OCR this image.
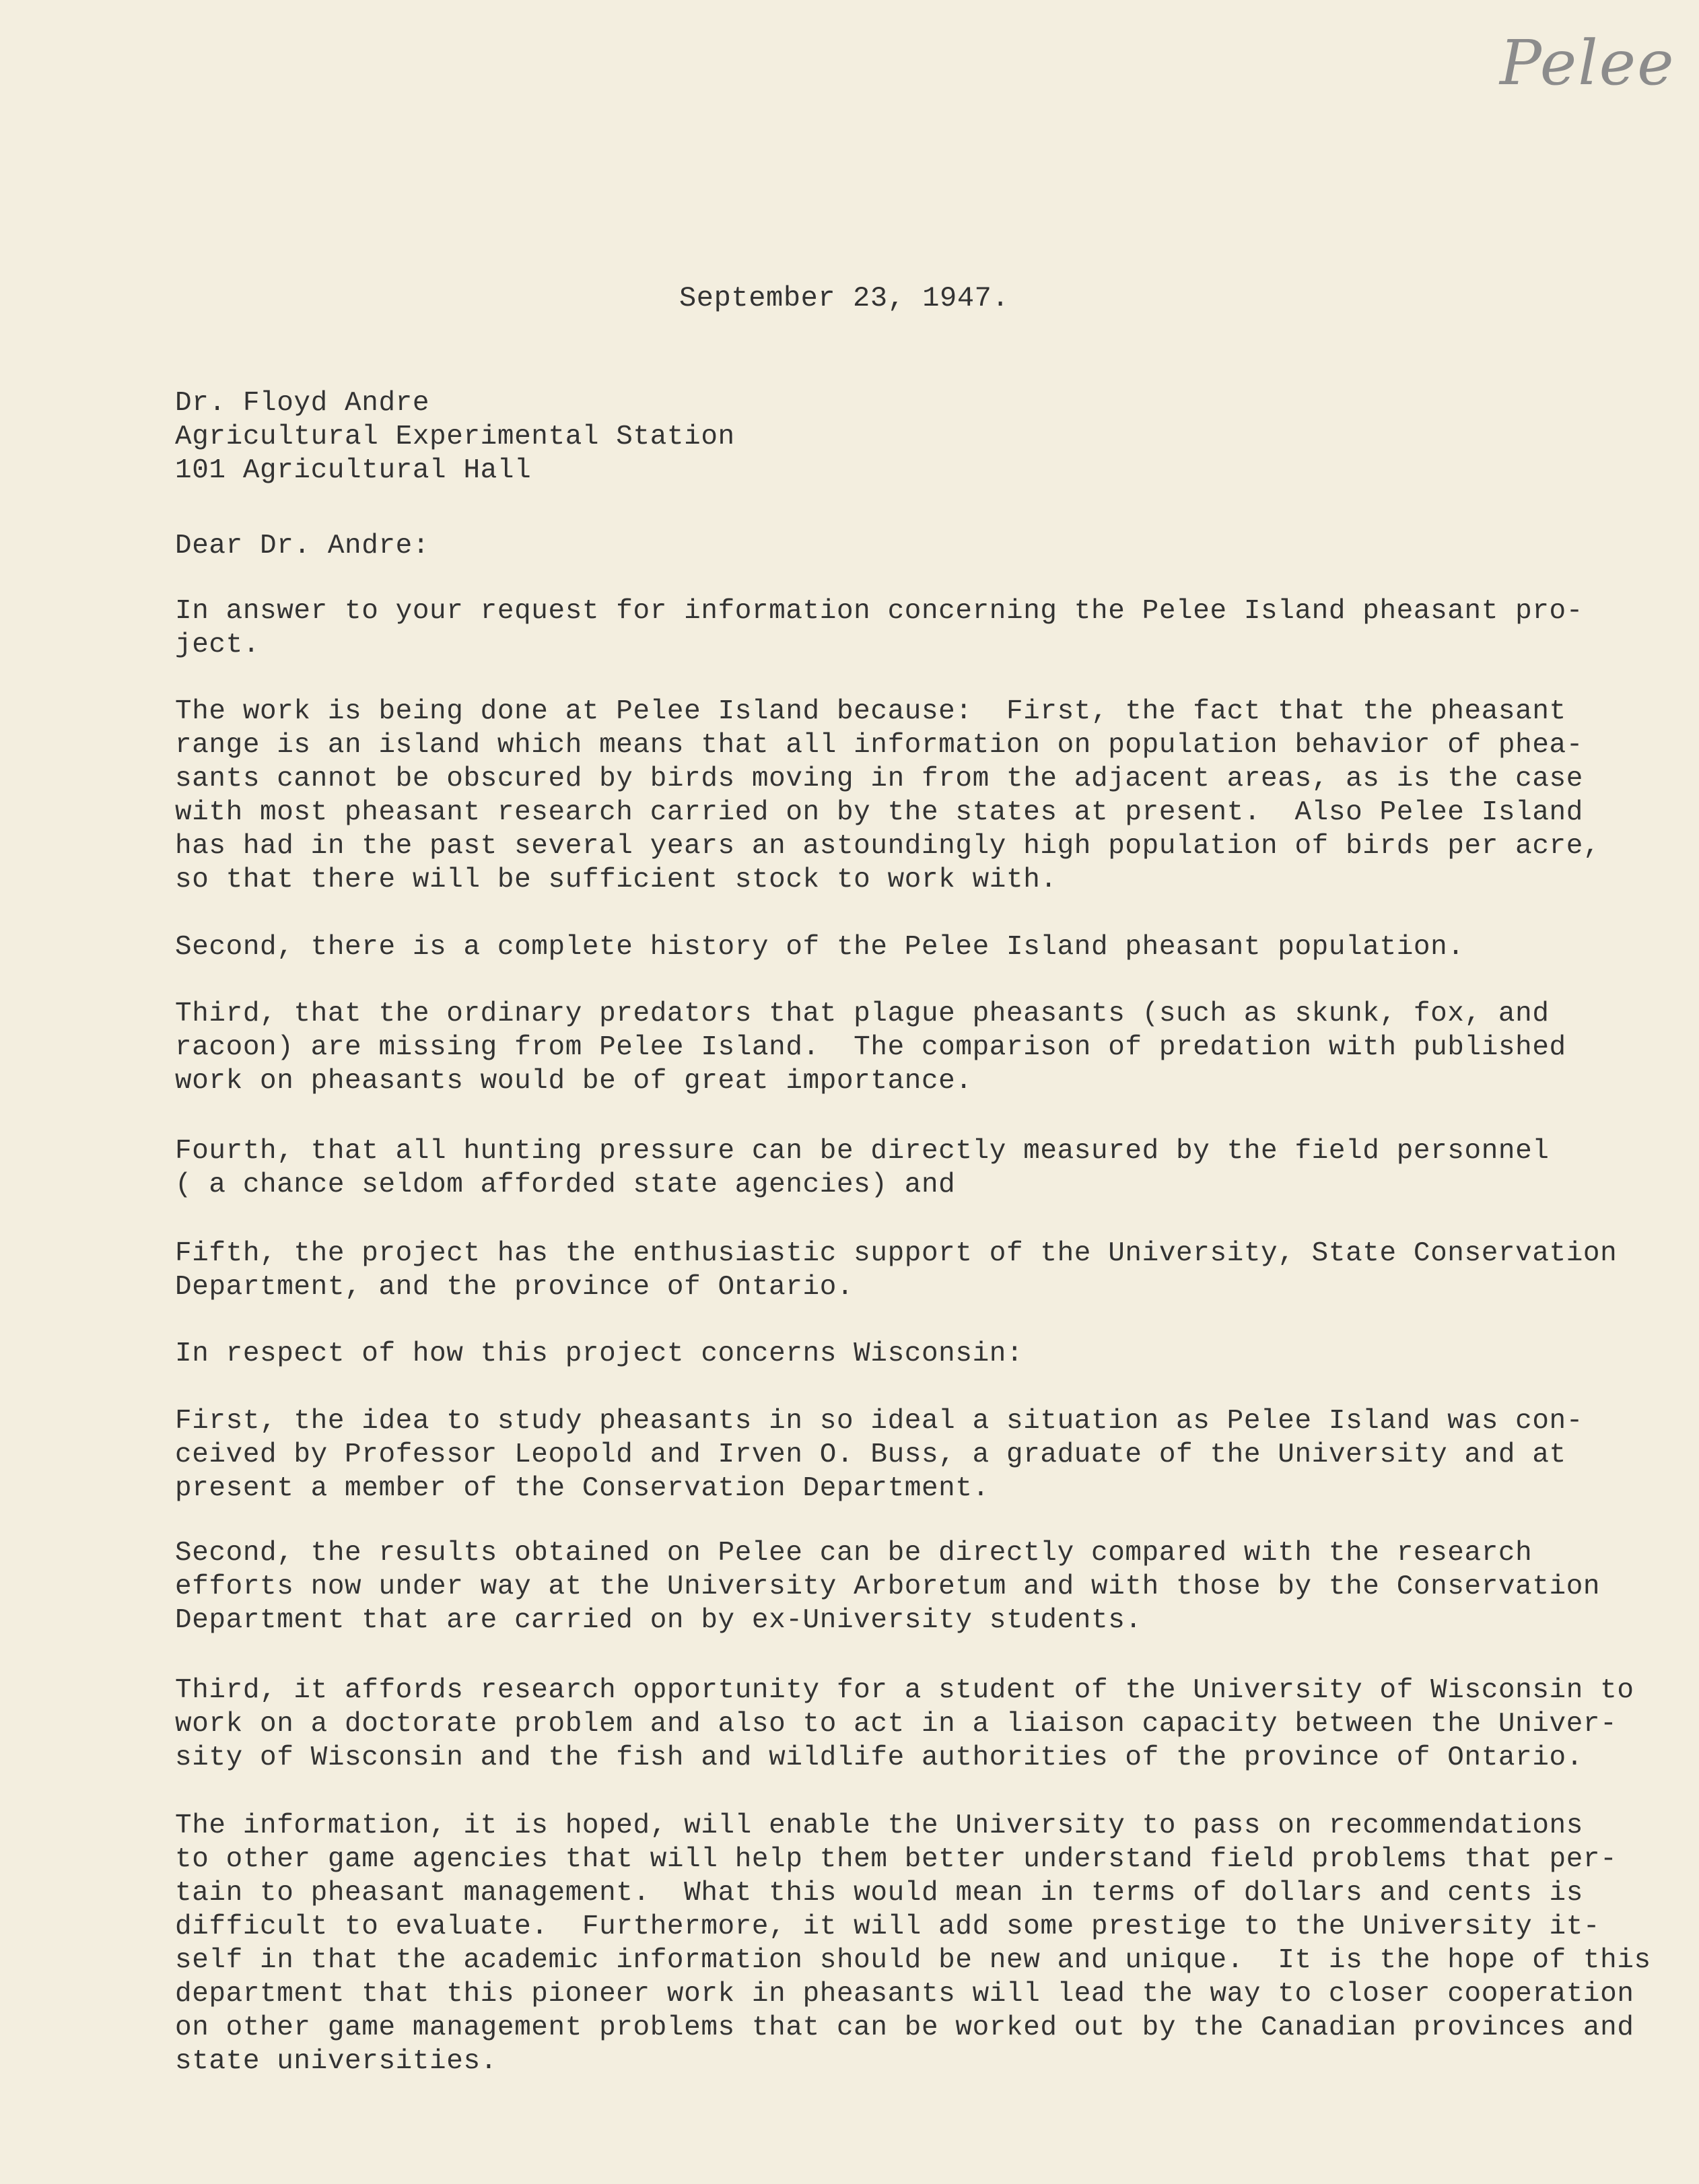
Pelee
September 23, 1947.
Dr. Floyd Andre
Agricultural Experimental Station
101 Agricultural Hall
Dear Dr. Andre:
In answer to your request for information concerning the Pelee Island pheasant pro-
ject.
The work is being done at Pelee Island because:  First, the fact that the pheasant
range is an island which means that all information on population behavior of phea-
sants cannot be obscured by birds moving in from the adjacent areas, as is the case
with most pheasant research carried on by the states at present.  Also Pelee Island
has had in the past several years an astoundingly high population of birds per acre,
so that there will be sufficient stock to work with.
Second, there is a complete history of the Pelee Island pheasant population.
Third, that the ordinary predators that plague pheasants (such as skunk, fox, and
racoon) are missing from Pelee Island.  The comparison of predation with published
work on pheasants would be of great importance.
Fourth, that all hunting pressure can be directly measured by the field personnel
( a chance seldom afforded state agencies) and
Fifth, the project has the enthusiastic support of the University, State Conservation
Department, and the province of Ontario.
In respect of how this project concerns Wisconsin:
First, the idea to study pheasants in so ideal a situation as Pelee Island was con-
ceived by Professor Leopold and Irven O. Buss, a graduate of the University and at
present a member of the Conservation Department.
Second, the results obtained on Pelee can be directly compared with the research
efforts now under way at the University Arboretum and with those by the Conservation
Department that are carried on by ex-University students.
Third, it affords research opportunity for a student of the University of Wisconsin to
work on a doctorate problem and also to act in a liaison capacity between the Univer-
sity of Wisconsin and the fish and wildlife authorities of the province of Ontario.
The information, it is hoped, will enable the University to pass on recommendations
to other game agencies that will help them better understand field problems that per-
tain to pheasant management.  What this would mean in terms of dollars and cents is
difficult to evaluate.  Furthermore, it will add some prestige to the University it-
self in that the academic information should be new and unique.  It is the hope of this
department that this pioneer work in pheasants will lead the way to closer cooperation
on other game management problems that can be worked out by the Canadian provinces and
state universities.
